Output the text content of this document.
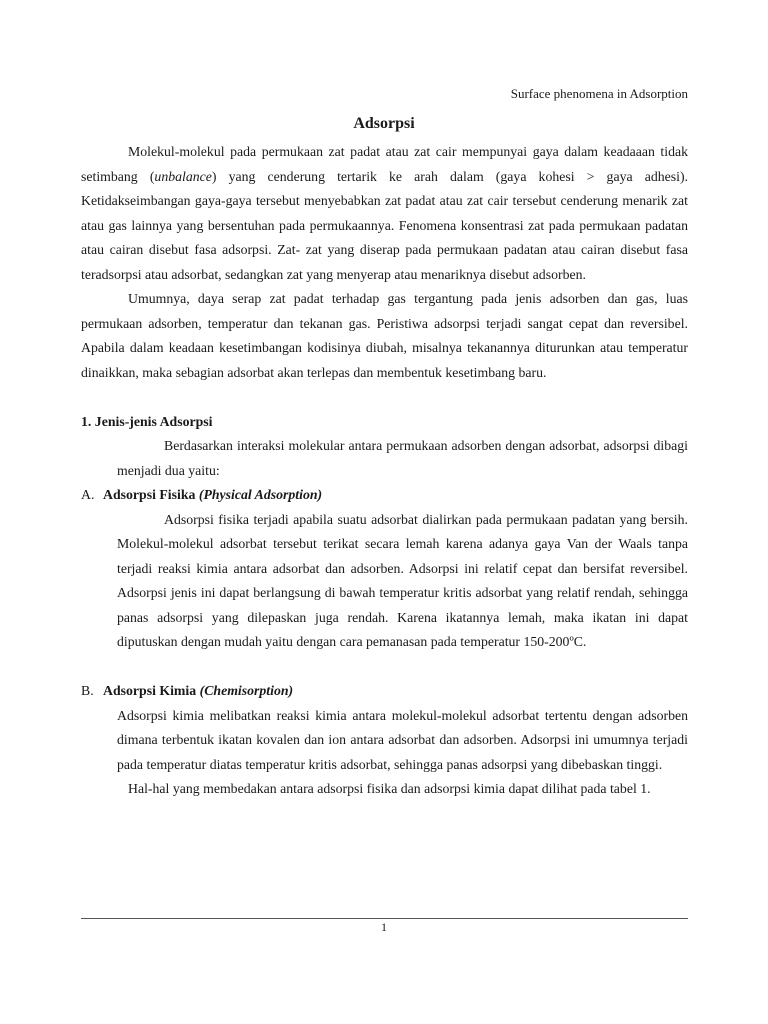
Surface phenomena in Adsorption
Adsorpsi

Molekul-molekul pada permukaan zat padat atau zat cair mempunyai gaya dalam keadaaan tidak setimbang (unbalance) yang cenderung tertarik ke arah dalam (gaya kohesi > gaya adhesi). Ketidakseimbangan gaya-gaya tersebut menyebabkan zat padat atau zat cair tersebut cenderung menarik zat atau gas lainnya yang bersentuhan pada permukaannya. Fenomena konsentrasi zat pada permukaan padatan atau cairan disebut fasa adsorpsi. Zat- zat yang diserap pada permukaan padatan atau cairan disebut fasa teradsorpsi atau adsorbat, sedangkan zat yang menyerap atau menariknya disebut adsorben.

Umumnya, daya serap zat padat terhadap gas tergantung pada jenis adsorben dan gas, luas permukaan adsorben, temperatur dan tekanan gas. Peristiwa adsorpsi terjadi sangat cepat dan reversibel. Apabila dalam keadaan kesetimbangan kodisinya diubah, misalnya tekanannya diturunkan atau temperatur dinaikkan, maka sebagian adsorbat akan terlepas dan membentuk kesetimbang baru.

1. Jenis-jenis Adsorpsi

Berdasarkan interaksi molekular antara permukaan adsorben dengan adsorbat, adsorpsi dibagi menjadi dua yaitu:

A. Adsorpsi Fisika (Physical Adsorption)

Adsorpsi fisika terjadi apabila suatu adsorbat dialirkan pada permukaan padatan yang bersih. Molekul-molekul adsorbat tersebut terikat secara lemah karena adanya gaya Van der Waals tanpa terjadi reaksi kimia antara adsorbat dan adsorben. Adsorpsi ini relatif cepat dan bersifat reversibel. Adsorpsi jenis ini dapat berlangsung di bawah temperatur kritis adsorbat yang relatif rendah, sehingga panas adsorpsi yang dilepaskan juga rendah. Karena ikatannya lemah, maka ikatan ini dapat diputuskan dengan mudah yaitu dengan cara pemanasan pada temperatur 150-200ºC.

B. Adsorpsi Kimia (Chemisorption)

Adsorpsi kimia melibatkan reaksi kimia antara molekul-molekul adsorbat tertentu dengan adsorben dimana terbentuk ikatan kovalen dan ion antara adsorbat dan adsorben. Adsorpsi ini umumnya terjadi pada temperatur diatas temperatur kritis adsorbat, sehingga panas adsorpsi yang dibebaskan tinggi.

Hal-hal yang membedakan antara adsorpsi fisika dan adsorpsi kimia dapat dilihat pada tabel 1.

1
